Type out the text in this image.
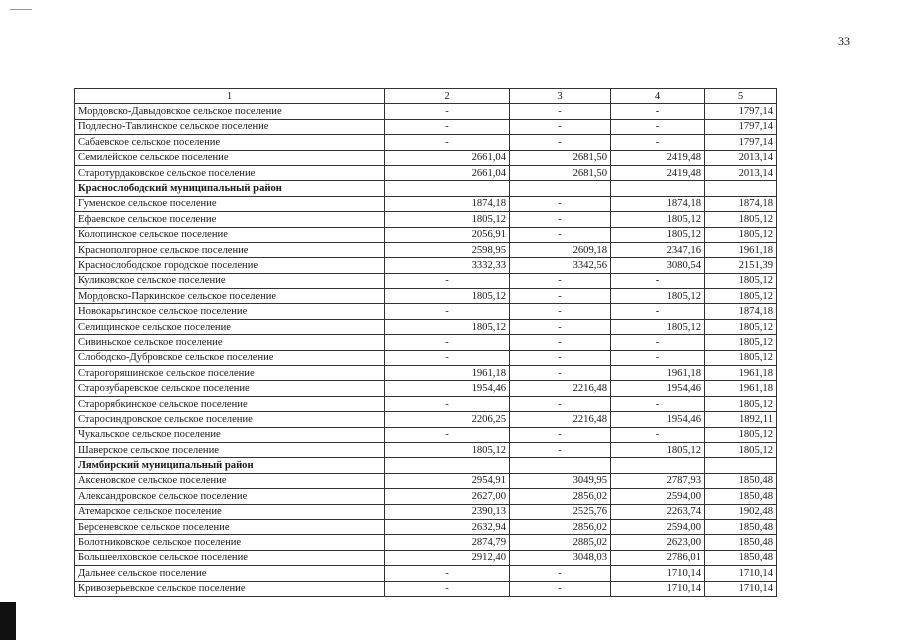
33
1	2	3	4	5
Мордовско-Давыдовское сельское поселение	-	-	-	1797,14
Подлесно-Тавлинское сельское поселение	-	-	-	1797,14
Сабаевское сельское поселение	-	-	-	1797,14
Семилейское сельское поселение	2661,04	2681,50	2419,48	2013,14
Старотурдаковское сельское поселение	2661,04	2681,50	2419,48	2013,14
Краснослободский муниципальный район				
Гуменское сельское поселение	1874,18	-	1874,18	1874,18
Ефаевское сельское поселение	1805,12	-	1805,12	1805,12
Колопинское сельское поселение	2056,91	-	1805,12	1805,12
Краснополгорное сельское поселение	2598,95	2609,18	2347,16	1961,18
Краснослободское городское поселение	3332,33	3342,56	3080,54	2151,39
Куликовское сельское поселение	-	-	-	1805,12
Мордовско-Паркинское сельское поселение	1805,12	-	1805,12	1805,12
Новокарьгинское сельское поселение	-	-	-	1874,18
Селищинское сельское поселение	1805,12	-	1805,12	1805,12
Сивиньское сельское поселение	-	-	-	1805,12
Слободско-Дубровское сельское поселение	-	-	-	1805,12
Старогоряшинское сельское поселение	1961,18	-	1961,18	1961,18
Старозубаревское сельское поселение	1954,46	2216,48	1954,46	1961,18
Старорябкинское сельское поселение	-	-	-	1805,12
Старосиндровское сельское поселение	2206,25	2216,48	1954,46	1892,11
Чукальское сельское поселение	-	-	-	1805,12
Шаверское сельское поселение	1805,12	-	1805,12	1805,12
Лямбирский муниципальный район				
Аксеновское сельское поселение	2954,91	3049,95	2787,93	1850,48
Александровское сельское поселение	2627,00	2856,02	2594,00	1850,48
Атемарское сельское поселение	2390,13	2525,76	2263,74	1902,48
Берсеневское сельское поселение	2632,94	2856,02	2594,00	1850,48
Болотниковское сельское поселение	2874,79	2885,02	2623,00	1850,48
Большеелховское сельское поселение	2912,40	3048,03	2786,01	1850,48
Дальнее сельское поселение	-	-	1710,14	1710,14
Кривозерьевское сельское поселение	-	-	1710,14	1710,14
